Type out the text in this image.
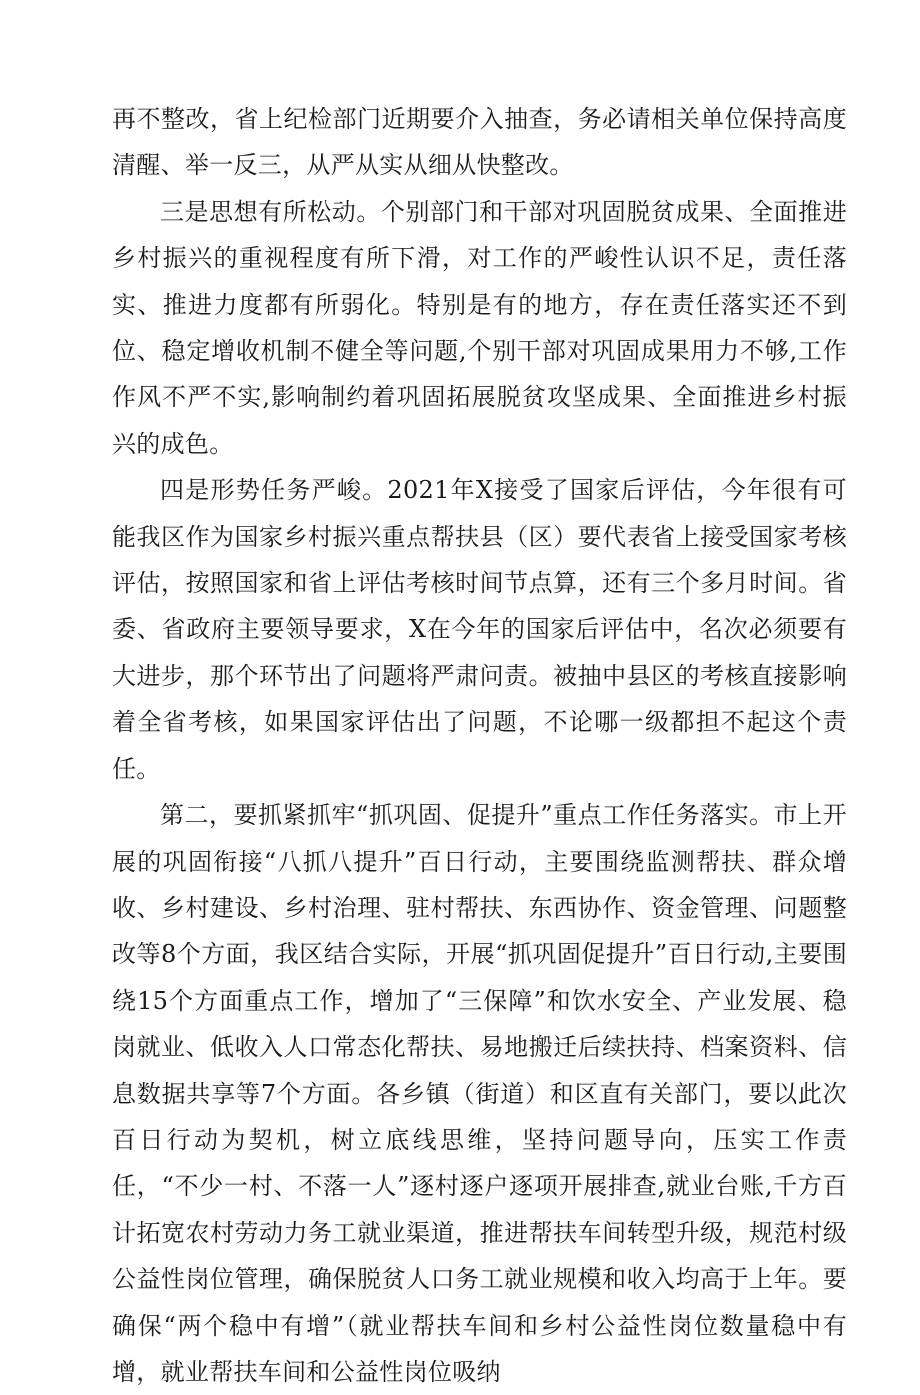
再不整改，省上纪检部门近期要介入抽查，务必请相关单位保持高度清醒、举一反三，从严从实从细从快整改。

三是思想有所松动。个别部门和干部对巩固脱贫成果、全面推进乡村振兴的重视程度有所下滑，对工作的严峻性认识不足，责任落实、推进力度都有所弱化。特别是有的地方，存在责任落实还不到位、稳定增收机制不健全等问题,个别干部对巩固成果用力不够,工作作风不严不实,影响制约着巩固拓展脱贫攻坚成果、全面推进乡村振兴的成色。

四是形势任务严峻。2021年X接受了国家后评估，今年很有可能我区作为国家乡村振兴重点帮扶县（区）要代表省上接受国家考核评估，按照国家和省上评估考核时间节点算，还有三个多月时间。省委、省政府主要领导要求，X在今年的国家后评估中，名次必须要有大进步，那个环节出了问题将严肃问责。被抽中县区的考核直接影响着全省考核，如果国家评估出了问题，不论哪一级都担不起这个责任。

第二，要抓紧抓牢“抓巩固、促提升”重点工作任务落实。市上开展的巩固衔接“八抓八提升”百日行动，主要围绕监测帮扶、群众增收、乡村建设、乡村治理、驻村帮扶、东西协作、资金管理、问题整改等8个方面，我区结合实际，开展“抓巩固促提升”百日行动,主要围绕15个方面重点工作，增加了“三保障”和饮水安全、产业发展、稳岗就业、低收入人口常态化帮扶、易地搬迁后续扶持、档案资料、信息数据共享等7个方面。各乡镇（街道）和区直有关部门，要以此次百日行动为契机，树立底线思维，坚持问题导向，压实工作责任，“不少一村、不落一人”逐村逐户逐项开展排查,就业台账,千方百计拓宽农村劳动力务工就业渠道，推进帮扶车间转型升级，规范村级公益性岗位管理，确保脱贫人口务工就业规模和收入均高于上年。要确保“两个稳中有增”（就业帮扶车间和乡村公益性岗位数量稳中有增，就业帮扶车间和公益性岗位吸纳
